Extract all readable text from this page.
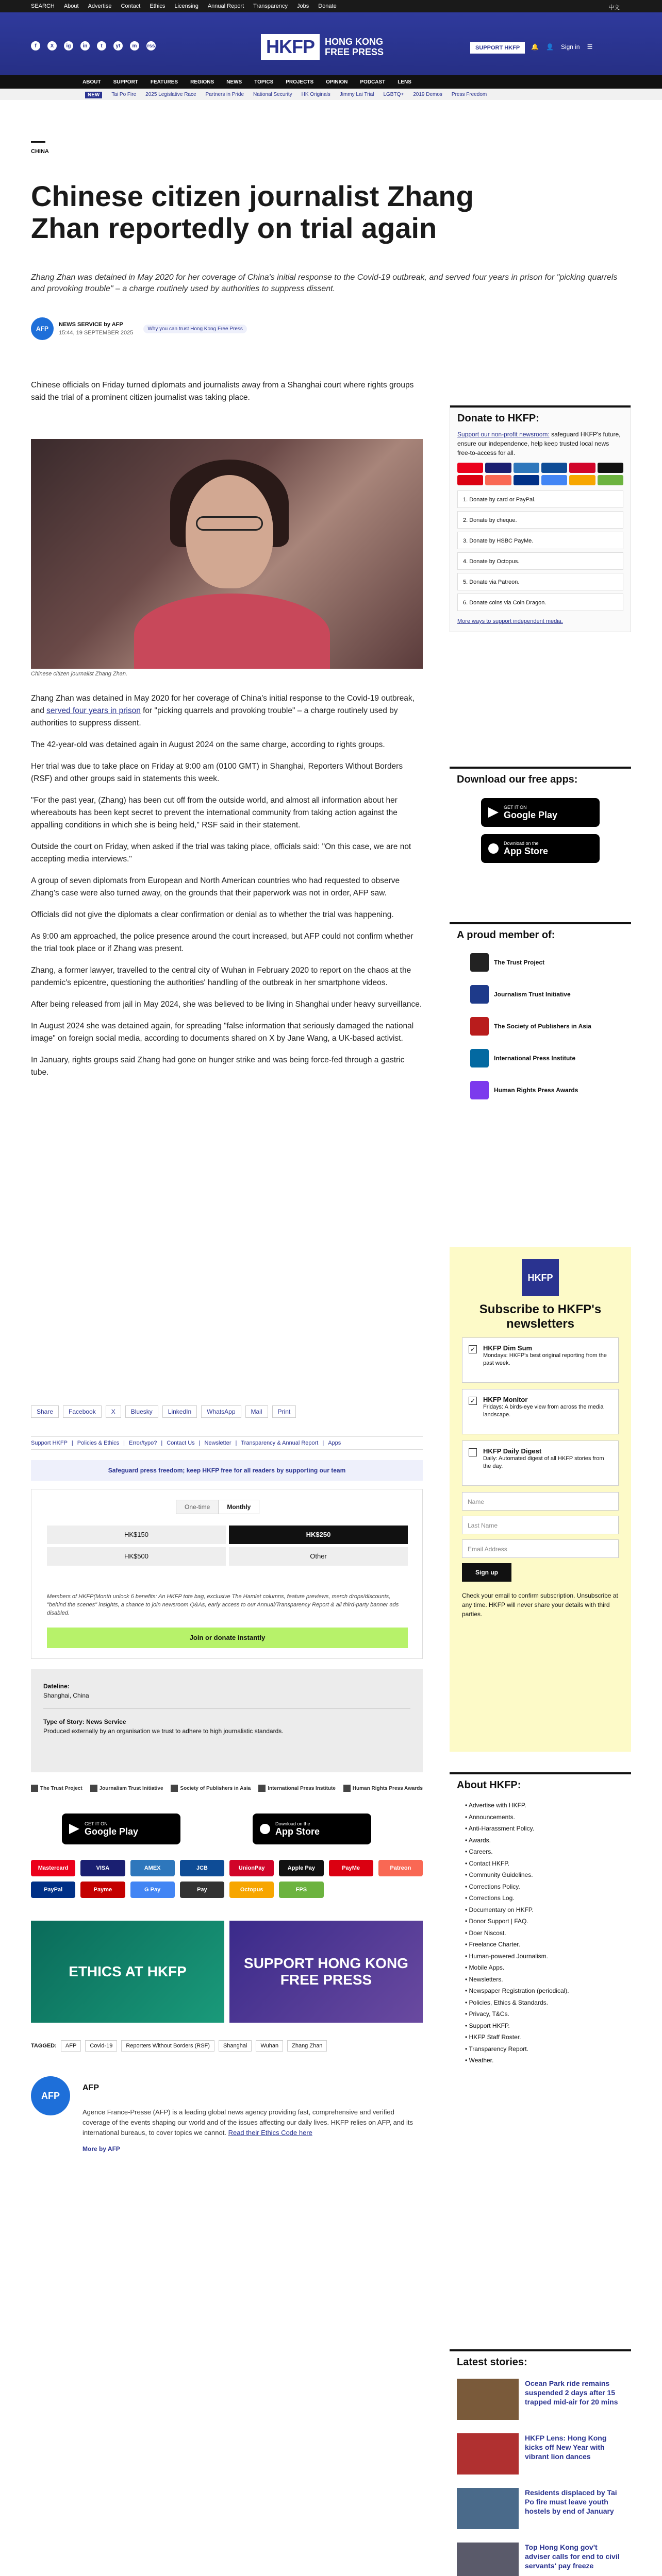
SEARCH About Advertise Contact Ethics Licensing Annual Report Transparency Jobs Donate	中文
f	X	ig	in	t	yt	m	rss	HKFP	HONG KONG
FREE PRESS	SUPPORT HKFP	🔔 👤 Sign in ☰
ABOUT SUPPORT FEATURES REGIONS NEWS TOPICS PROJECTS OPINION PODCAST LENS
NEW	Tai Po Fire 2025 Legislative Race Partners in Pride National Security HK Originals Jimmy Lai Trial LGBTQ+ 2019 Demos Press Freedom
CHINA
Chinese citizen journalist Zhang Zhan reportedly on trial again

Zhang Zhan was detained in May 2020 for her coverage of China's initial response to the Covid-19 outbreak, and served four years in prison for "picking quarrels and provoking trouble" – a charge routinely used by authorities to suppress dissent.

AFP
NEWS SERVICE by AFP
15:44, 19 SEPTEMBER 2025
Why you can trust Hong Kong Free Press

Chinese officials on Friday turned diplomats and journalists away from a Shanghai court where rights groups said the trial of a prominent citizen journalist was taking place.

Chinese citizen journalist Zhang Zhan.

Zhang Zhan was detained in May 2020 for her coverage of China's initial response to the Covid-19 outbreak, and served four years in prison for "picking quarrels and provoking trouble" – a charge routinely used by authorities to suppress dissent.

The 42-year-old was detained again in August 2024 on the same charge, according to rights groups.

Her trial was due to take place on Friday at 9:00 am (0100 GMT) in Shanghai, Reporters Without Borders (RSF) and other groups said in statements this week.

"For the past year, (Zhang) has been cut off from the outside world, and almost all information about her whereabouts has been kept secret to prevent the international community from taking action against the appalling conditions in which she is being held," RSF said in their statement.

Outside the court on Friday, when asked if the trial was taking place, officials said: "On this case, we are not accepting media interviews."

A group of seven diplomats from European and North American countries who had requested to observe Zhang's case were also turned away, on the grounds that their paperwork was not in order, AFP saw.

Officials did not give the diplomats a clear confirmation or denial as to whether the trial was happening.

As 9:00 am approached, the police presence around the court increased, but AFP could not confirm whether the trial took place or if Zhang was present.

Zhang, a former lawyer, travelled to the central city of Wuhan in February 2020 to report on the chaos at the pandemic's epicentre, questioning the authorities' handling of the outbreak in her smartphone videos.

After being released from jail in May 2024, she was believed to be living in Shanghai under heavy surveillance.

In August 2024 she was detained again, for spreading "false information that seriously damaged the national image" on foreign social media, according to documents shared on X by Jane Wang, a UK-based activist.

In January, rights groups said Zhang had gone on hunger strike and was being force-fed through a gastric tube.

Share	Facebook	X	Bluesky	LinkedIn	WhatsApp	Mail	Print
Support HKFP | Policies & Ethics | Error/typo? | Contact Us | Newsletter | Transparency & Annual Report | Apps
Safeguard press freedom; keep HKFP free for all readers by supporting our team
One-time	Monthly
HK$150	HK$250
HK$500	Other

Members of HKFP(Month unlock 6 benefits: An HKFP tote bag, exclusive The Hamlet columns, feature previews, merch drops/discounts, "behind the scenes" insights, a chance to join newsroom Q&As, early access to our Annual/Transparency Report & all third-party banner ads disabled.

Join or donate instantly
Dateline:
Shanghai, China
Type of Story: News Service
Produced externally by an organisation we trust to adhere to high journalistic standards.
The Trust Project	Journalism Trust Initiative	Society of Publishers in Asia	International Press Institute	Human Rights Press Awards
GET IT ON
Google Play
Download on the
App Store
Mastercard	VISA	AMEX	JCB	UnionPay	Apple Pay	PayMe	Patreon
PayPal	Payme	G Pay	Pay	Octopus	FPS
ETHICS AT HKFP
SUPPORT HONG KONG FREE PRESS
TAGGED:	AFP	Covid-19	Reporters Without Borders (RSF)	Shanghai	Wuhan	Zhang Zhan
AFP
AFP
Agence France-Presse (AFP) is a leading global news agency providing fast, comprehensive and verified coverage of the events shaping our world and of the issues affecting our daily lives. HKFP relies on AFP, and its international bureaus, to cover topics we cannot. Read their Ethics Code here
More by AFP
Donate to HKFP:
Support our non-profit newsroom: safeguard HKFP's future, ensure our independence, help keep trusted local news free-to-access for all.
1. Donate by card or PayPal.
2. Donate by cheque.
3. Donate by HSBC PayMe.
4. Donate by Octopus.
5. Donate via Patreon.
6. Donate coins via Coin Dragon.
More ways to support independent media.
Download our free apps:
GET IT ON
Google Play
Download on the
App Store
A proud member of:
The Trust Project
Journalism Trust Initiative
The Society of Publishers in Asia
International Press Institute
Human Rights Press Awards
HKFP
Subscribe to HKFP's newsletters
✓ HKFP Dim Sum
Mondays: HKFP's best original reporting from the past week.
✓ HKFP Monitor
Fridays: A birds-eye view from across the media landscape.
HKFP Daily Digest
Daily: Automated digest of all HKFP stories from the day.
Name
Last Name
Email Address
Sign up

Check your email to confirm subscription. Unsubscribe at any time. HKFP will never share your details with third parties.

About HKFP:
• Advertise with HKFP.
• Announcements.
• Anti-Harassment Policy.
• Awards.
• Careers.
• Contact HKFP.
• Community Guidelines.
• Corrections Policy.
• Corrections Log.
• Documentary on HKFP.
• Donor Support | FAQ.
• Doer Niscost.
• Freelance Charter.
• Human-powered Journalism.
• Mobile Apps.
• Newsletters.
• Newspaper Registration (periodical).
• Policies, Ethics & Standards.
• Privacy, T&Cs.
• Support HKFP.
• HKFP Staff Roster.
• Transparency Report.
• Weather.
Latest stories:
Ocean Park ride remains suspended 2 days after 15 trapped mid-air for 20 mins
HKFP Lens: Hong Kong kicks off New Year with vibrant lion dances
Residents displaced by Tai Po fire must leave youth hostels by end of January
Top Hong Kong gov't adviser calls for end to civil servants' pay freeze
